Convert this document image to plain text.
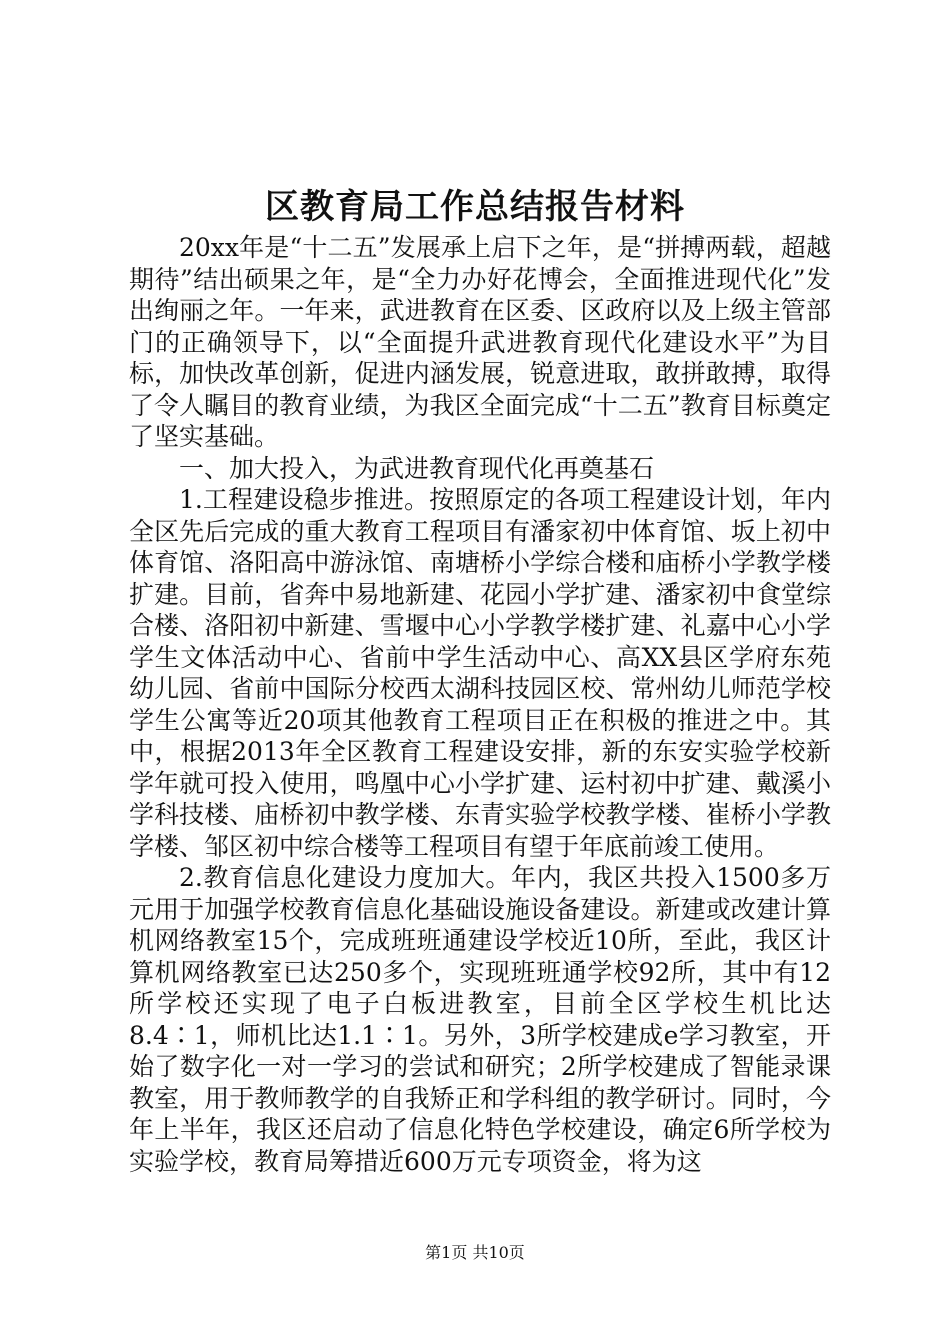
区教育局工作总结报告材料

20xx年是“十二五”发展承上启下之年，是“拼搏两载，超越期待”结出硕果之年，是“全力办好花博会，全面推进现代化”发出绚丽之年。一年来，武进教育在区委、区政府以及上级主管部门的正确领导下，以“全面提升武进教育现代化建设水平”为目标，加快改革创新，促进内涵发展，锐意进取，敢拼敢搏，取得了令人瞩目的教育业绩，为我区全面完成“十二五”教育目标奠定了坚实基础。

一、加大投入，为武进教育现代化再奠基石

1.工程建设稳步推进。按照原定的各项工程建设计划，年内全区先后完成的重大教育工程项目有潘家初中体育馆、坂上初中体育馆、洛阳高中游泳馆、南塘桥小学综合楼和庙桥小学教学楼扩建。目前，省奔中易地新建、花园小学扩建、潘家初中食堂综合楼、洛阳初中新建、雪堰中心小学教学楼扩建、礼嘉中心小学学生文体活动中心、省前中学生活动中心、高XX县区学府东苑幼儿园、省前中国际分校西太湖科技园区校、常州幼儿师范学校学生公寓等近20项其他教育工程项目正在积极的推进之中。其中，根据2013年全区教育工程建设安排，新的东安实验学校新学年就可投入使用，鸣凰中心小学扩建、运村初中扩建、戴溪小学科技楼、庙桥初中教学楼、东青实验学校教学楼、崔桥小学教学楼、邹区初中综合楼等工程项目有望于年底前竣工使用。

2.教育信息化建设力度加大。年内，我区共投入1500多万元用于加强学校教育信息化基础设施设备建设。新建或改建计算机网络教室15个，完成班班通建设学校近10所，至此，我区计算机网络教室已达250多个，实现班班通学校92所，其中有12所学校还实现了电子白板进教室，目前全区学校生机比达8.4∶1，师机比达1.1∶1。另外，3所学校建成e学习教室，开始了数字化一对一学习的尝试和研究；2所学校建成了智能录课教室，用于教师教学的自我矫正和学科组的教学研讨。同时，今年上半年，我区还启动了信息化特色学校建设，确定6所学校为实验学校，教育局筹措近600万元专项资金，将为这

第1页 共10页
